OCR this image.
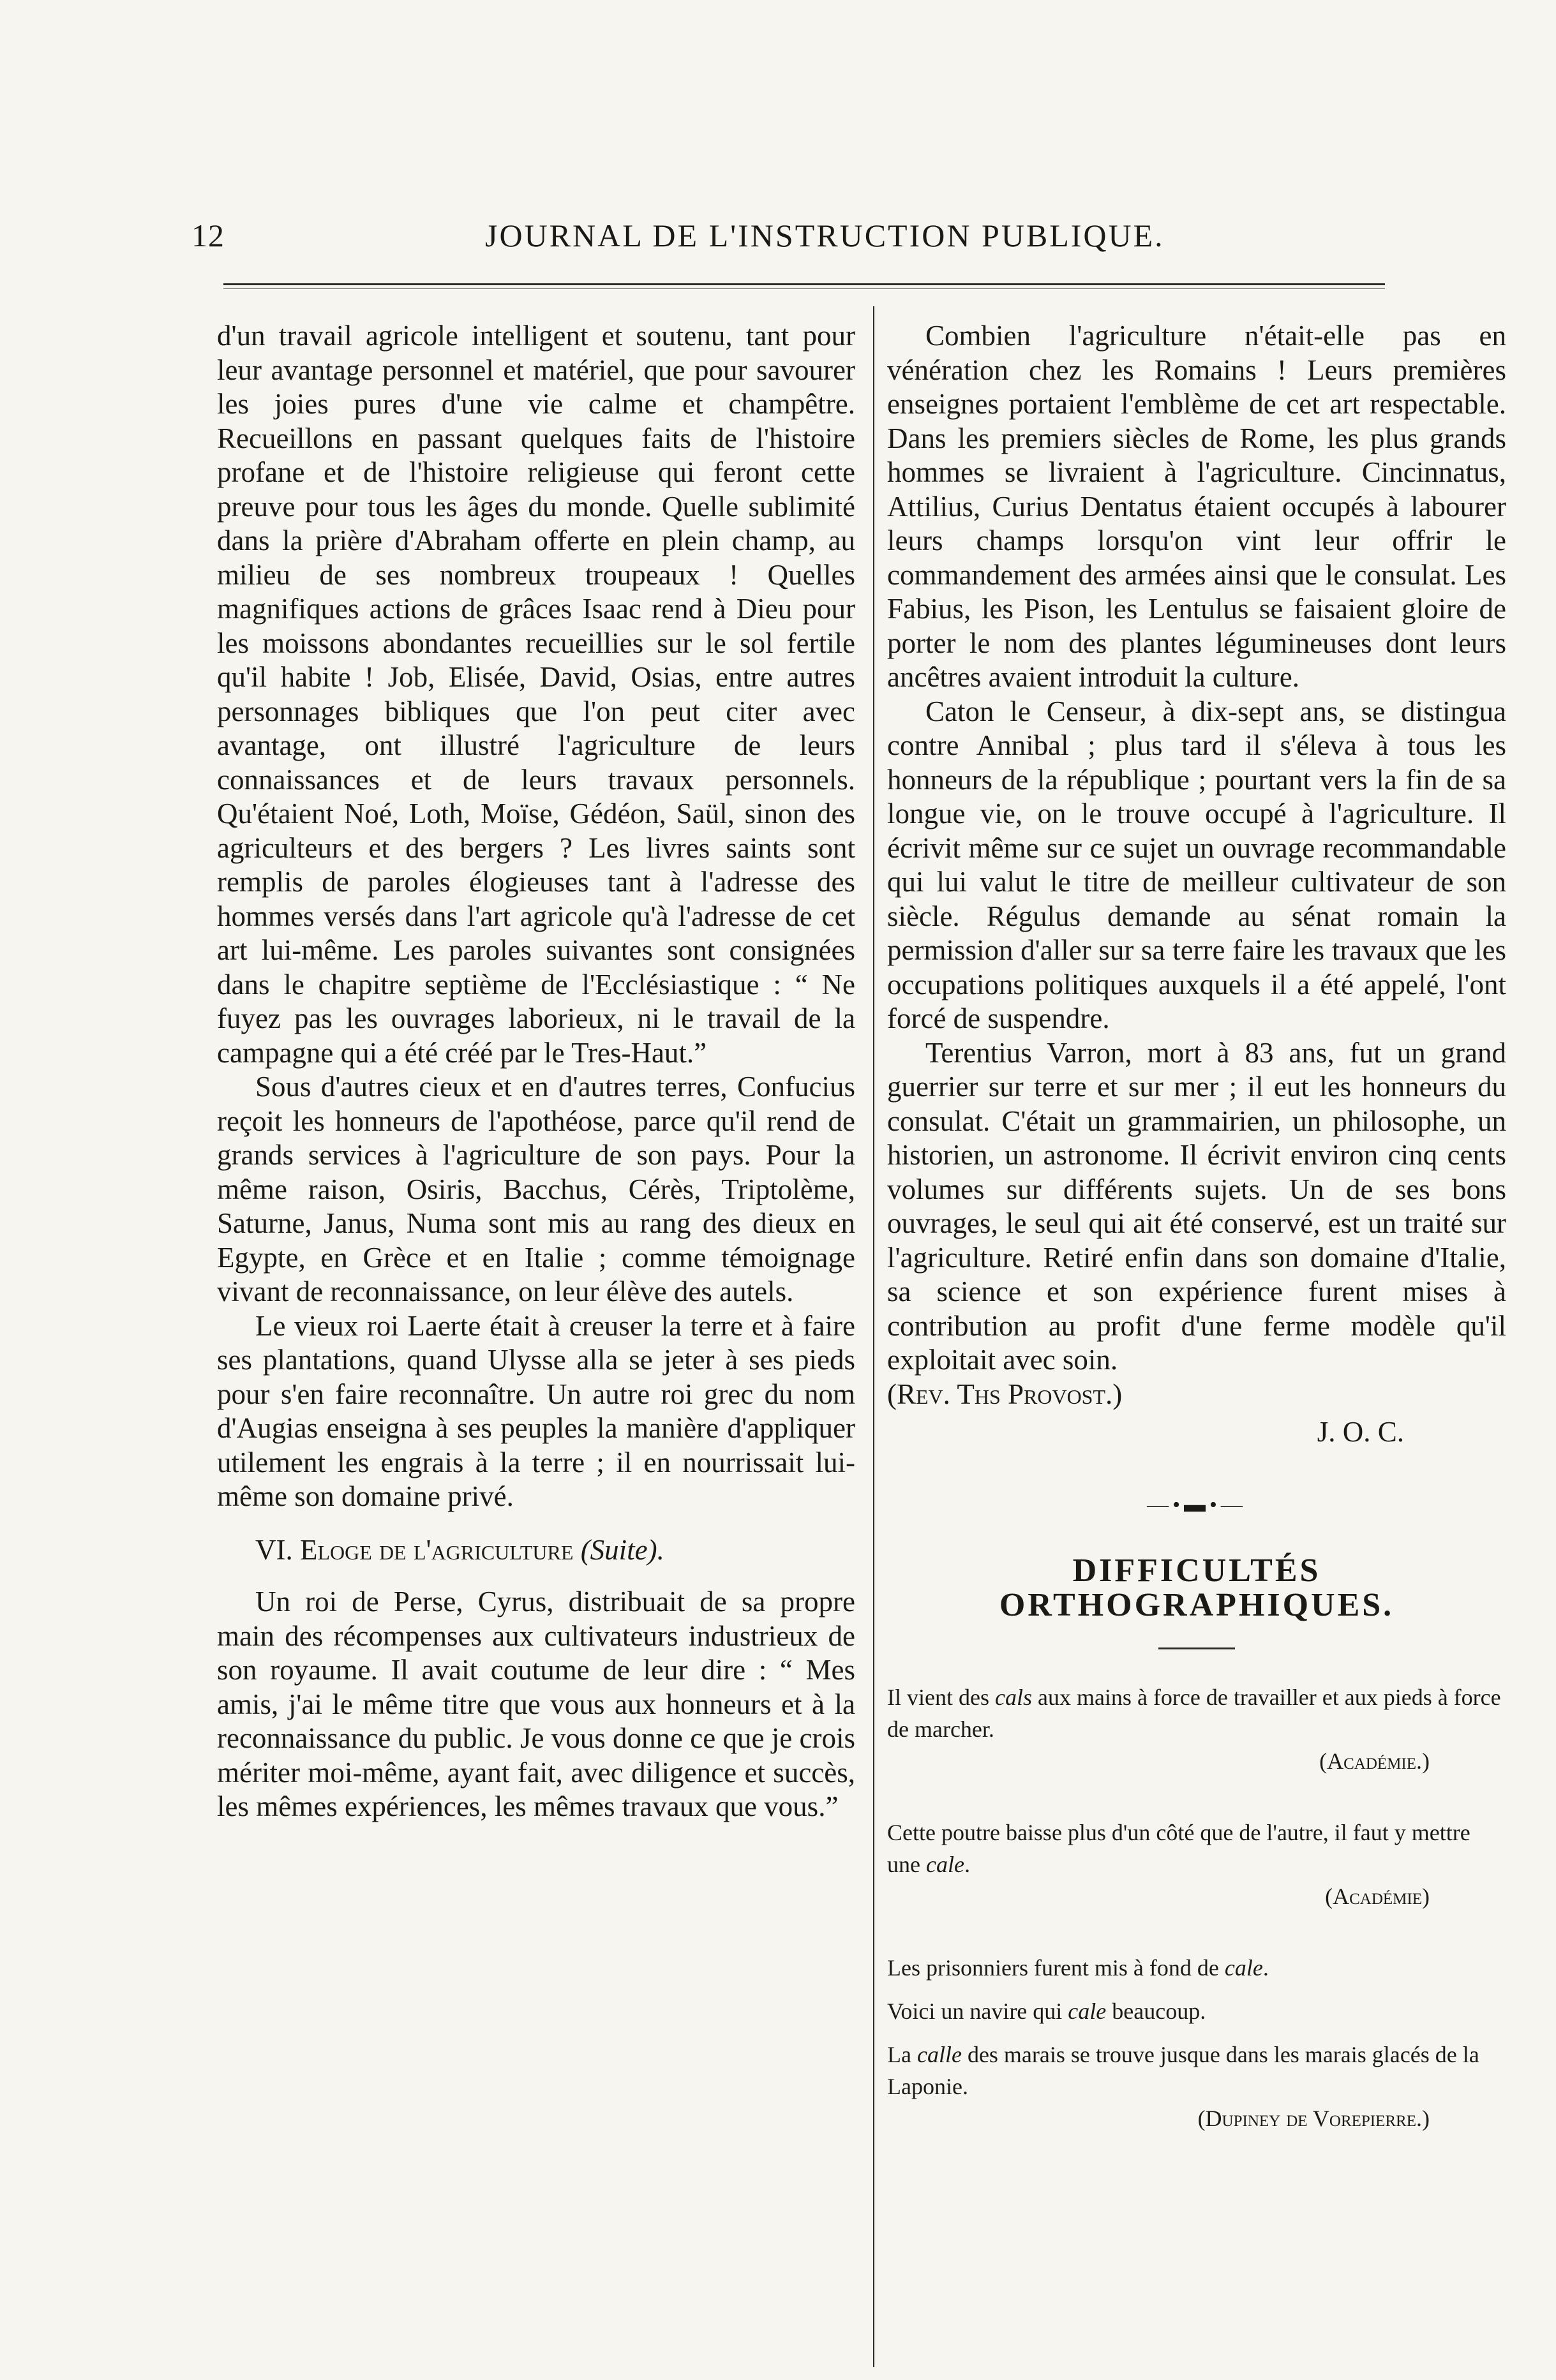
12	JOURNAL DE L'INSTRUCTION PUBLIQUE.

d'un travail agricole intelligent et soutenu, tant pour leur avantage personnel et matériel, que pour savourer les joies pures d'une vie calme et champêtre. Recueillons en passant quelques faits de l'histoire profane et de l'histoire religieuse qui feront cette preuve pour tous les âges du monde. Quelle sublimité dans la prière d'Abraham offerte en plein champ, au milieu de ses nombreux troupeaux ! Quelles magnifiques actions de grâces Isaac rend à Dieu pour les moissons abondantes recueillies sur le sol fertile qu'il habite ! Job, Elisée, David, Osias, entre autres personnages bibliques que l'on peut citer avec avantage, ont illustré l'agriculture de leurs connaissances et de leurs travaux personnels. Qu'étaient Noé, Loth, Moïse, Gédéon, Saül, sinon des agriculteurs et des bergers ? Les livres saints sont remplis de paroles élogieuses tant à l'adresse des hommes versés dans l'art agricole qu'à l'adresse de cet art lui-même. Les paroles suivantes sont consignées dans le chapitre septième de l'Ecclésiastique : “ Ne fuyez pas les ouvrages laborieux, ni le travail de la campagne qui a été créé par le Tres-Haut.”

Sous d'autres cieux et en d'autres terres, Confucius reçoit les honneurs de l'apothéose, parce qu'il rend de grands services à l'agriculture de son pays. Pour la même raison, Osiris, Bacchus, Cérès, Triptolème, Saturne, Janus, Numa sont mis au rang des dieux en Egypte, en Grèce et en Italie ; comme témoignage vivant de reconnaissance, on leur élève des autels.

Le vieux roi Laerte était à creuser la terre et à faire ses plantations, quand Ulysse alla se jeter à ses pieds pour s'en faire reconnaître. Un autre roi grec du nom d'Augias enseigna à ses peuples la manière d'appliquer utilement les engrais à la terre ; il en nourrissait lui-même son domaine privé.

VI. Eloge de l'agriculture (Suite).

Un roi de Perse, Cyrus, distribuait de sa propre main des récompenses aux cultivateurs industrieux de son royaume. Il avait coutume de leur dire : “ Mes amis, j'ai le même titre que vous aux honneurs et à la reconnaissance du public. Je vous donne ce que je crois mériter moi-même, ayant fait, avec diligence et succès, les mêmes expériences, les mêmes travaux que vous.”

Combien l'agriculture n'était-elle pas en vénération chez les Romains ! Leurs premières enseignes portaient l'emblème de cet art respectable. Dans les premiers siècles de Rome, les plus grands hommes se livraient à l'agriculture. Cincinnatus, Attilius, Curius Dentatus étaient occupés à labourer leurs champs lorsqu'on vint leur offrir le commandement des armées ainsi que le consulat. Les Fabius, les Pison, les Lentulus se faisaient gloire de porter le nom des plantes légumineuses dont leurs ancêtres avaient introduit la culture.

Caton le Censeur, à dix-sept ans, se distingua contre Annibal ; plus tard il s'éleva à tous les honneurs de la république ; pourtant vers la fin de sa longue vie, on le trouve occupé à l'agriculture. Il écrivit même sur ce sujet un ouvrage recommandable qui lui valut le titre de meilleur cultivateur de son siècle. Régulus demande au sénat romain la permission d'aller sur sa terre faire les travaux que les occupations politiques auxquels il a été appelé, l'ont forcé de suspendre.

Terentius Varron, mort à 83 ans, fut un grand guerrier sur terre et sur mer ; il eut les honneurs du consulat. C'était un grammairien, un philosophe, un historien, un astronome. Il écrivit environ cinq cents volumes sur différents sujets. Un de ses bons ouvrages, le seul qui ait été conservé, est un traité sur l'agriculture. Retiré enfin dans son domaine d'Italie, sa science et son expérience furent mises à contribution au profit d'une ferme modèle qu'il exploitait avec soin.

(Rev. Ths Provost.)

J. O. C.

—•▬•—

DIFFICULTÉS ORTHOGRAPHIQUES.

Il vient des cals aux mains à force de travailler et aux pieds à force de marcher.

(Académie.)

Cette poutre baisse plus d'un côté que de l'autre, il faut y mettre une cale.

(Académie)

Les prisonniers furent mis à fond de cale.

Voici un navire qui cale beaucoup.

La calle des marais se trouve jusque dans les marais glacés de la Laponie.

(Dupiney de Vorepierre.)
